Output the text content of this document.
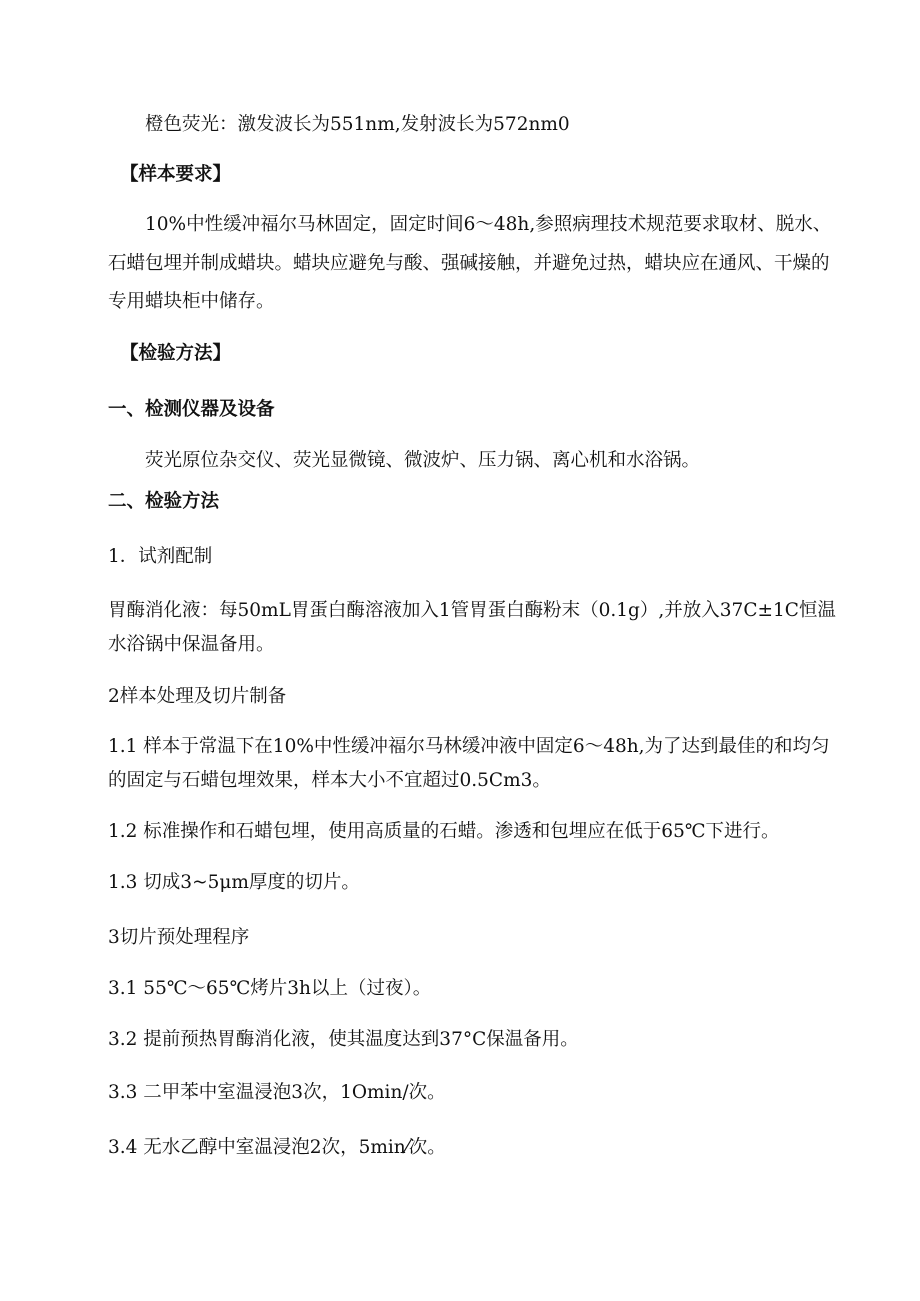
橙色荧光：激发波长为551nm,发射波长为572nm0
【样本要求】
10%中性缓冲福尔马林固定，固定时间6～48h,参照病理技术规范要求取材、脱水、
石蜡包埋并制成蜡块。蜡块应避免与酸、强碱接触，并避免过热，蜡块应在通风、干燥的
专用蜡块柜中储存。
【检验方法】
一、检测仪器及设备
荧光原位杂交仪、荧光显微镜、微波炉、压力锅、离心机和水浴锅。
二、检验方法
1．试剂配制
胃酶消化液：每50mL胃蛋白酶溶液加入1管胃蛋白酶粉末（0.1g）,并放入37C±1C恒温
水浴锅中保温备用。
2样本处理及切片制备
1.1 样本于常温下在10%中性缓冲福尔马林缓冲液中固定6～48h,为了达到最佳的和均匀
的固定与石蜡包埋效果，样本大小不宜超过0.5Cm3。
1.2 标准操作和石蜡包埋，使用高质量的石蜡。渗透和包埋应在低于65℃下进行。
1.3 切成3~5μm厚度的切片。
3切片预处理程序
3.1 55℃～65℃烤片3h以上（过夜）。
3.2 提前预热胃酶消化液，使其温度达到37°C保温备用。
3.3 二甲苯中室温浸泡3次，1Omin/次。
3.4 无水乙醇中室温浸泡2次，5min⁄次。
